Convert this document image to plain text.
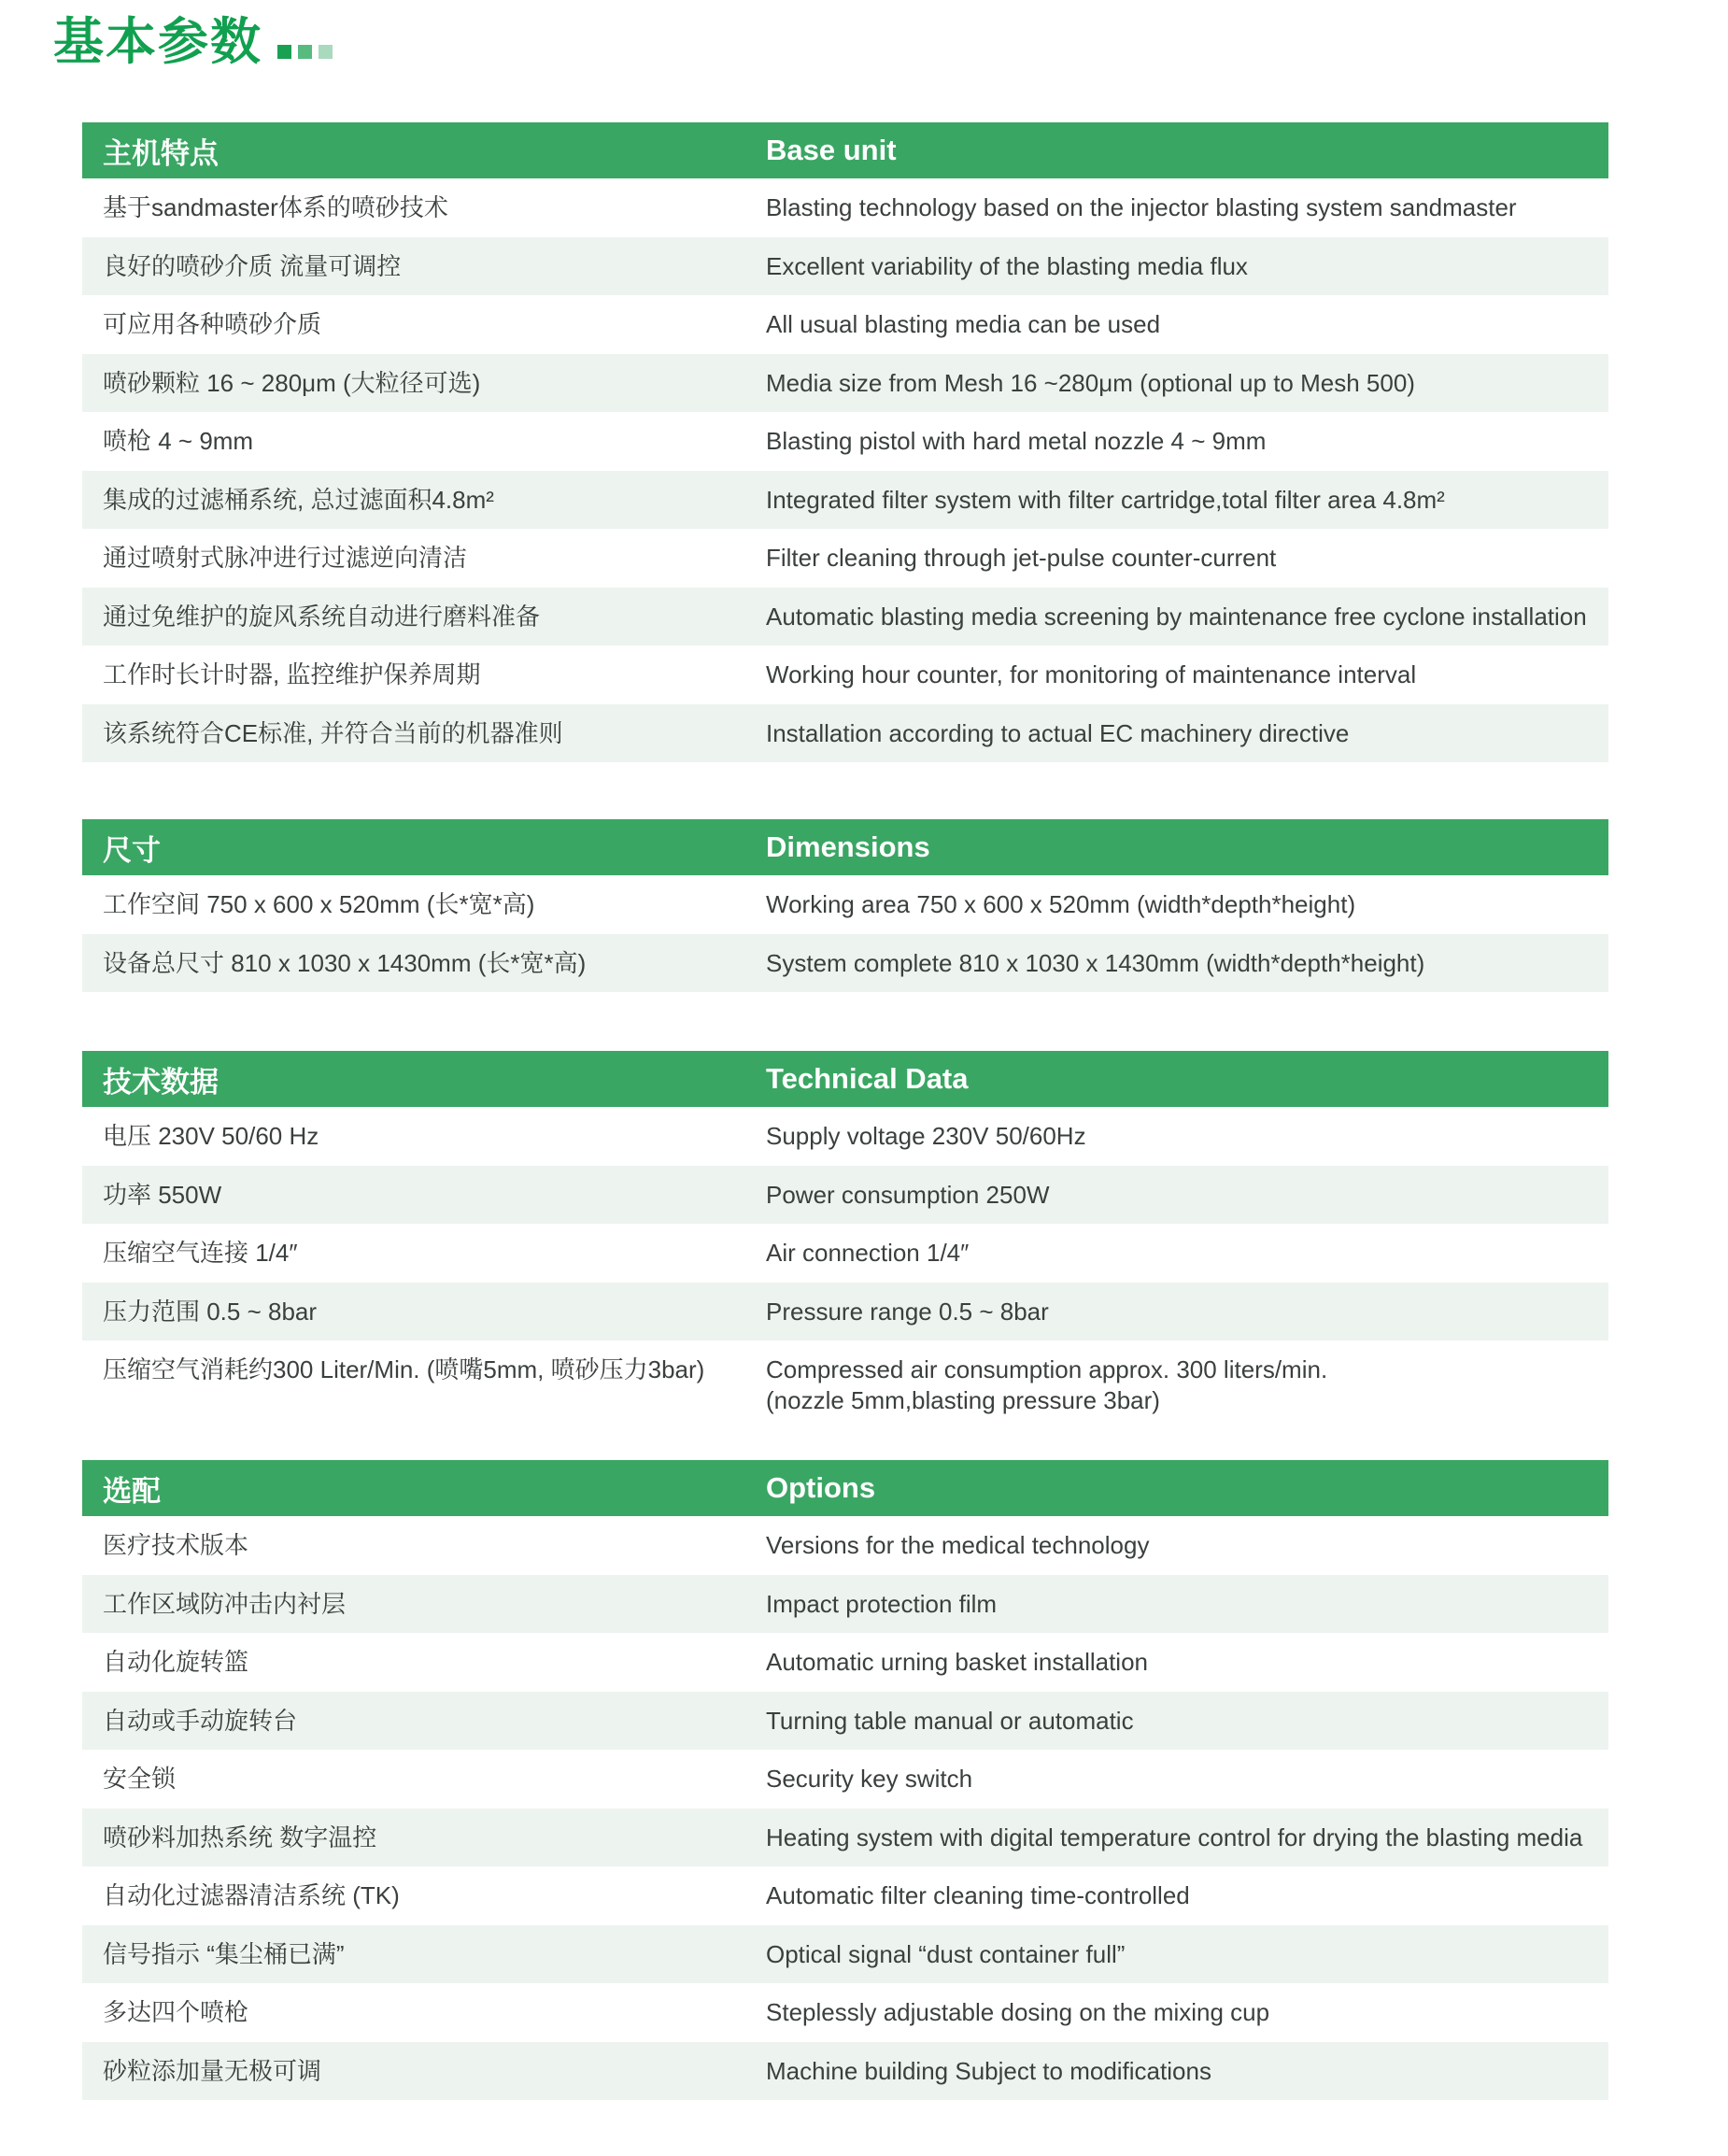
基本参数
主机特点	Base unit
基于sandmaster体系的喷砂技术	Blasting technology based on the injector blasting system sandmaster
良好的喷砂介质 流量可调控	Excellent variability of the blasting media flux
可应用各种喷砂介质	All usual blasting media can be used
喷砂颗粒 16 ~ 280μm (大粒径可选)	Media size from Mesh 16 ~280μm (optional up to Mesh 500)
喷枪 4 ~ 9mm	Blasting pistol with hard metal nozzle 4 ~ 9mm
集成的过滤桶系统, 总过滤面积4.8m²	Integrated filter system with filter cartridge,total filter area 4.8m²
通过喷射式脉冲进行过滤逆向清洁	Filter cleaning through jet-pulse counter-current
通过免维护的旋风系统自动进行磨料准备	Automatic blasting media screening by maintenance free cyclone installation
工作时长计时器, 监控维护保养周期	Working hour counter, for monitoring of maintenance interval
该系统符合CE标准, 并符合当前的机器准则	Installation according to actual EC machinery directive
尺寸	Dimensions
工作空间 750 x 600 x 520mm (长*宽*高)	Working area 750 x 600 x 520mm (width*depth*height)
设备总尺寸 810 x 1030 x 1430mm (长*宽*高)	System complete 810 x 1030 x 1430mm (width*depth*height)
技术数据	Technical Data
电压 230V 50/60 Hz	Supply voltage 230V 50/60Hz
功率 550W	Power consumption 250W
压缩空气连接 1/4″	Air connection 1/4″
压力范围 0.5 ~ 8bar	Pressure range 0.5 ~ 8bar
压缩空气消耗约300 Liter/Min. (喷嘴5mm, 喷砂压力3bar)	Compressed air consumption approx. 300 liters/min.
(nozzle 5mm,blasting pressure 3bar)
选配	Options
医疗技术版本	Versions for the medical technology
工作区域防冲击内衬层	Impact protection film
自动化旋转篮	Automatic urning basket installation
自动或手动旋转台	Turning table manual or automatic
安全锁	Security key switch
喷砂料加热系统 数字温控	Heating system with digital temperature control for drying the blasting media
自动化过滤器清洁系统 (TK)	Automatic filter cleaning time-controlled
信号指示 “集尘桶已满”	Optical signal “dust container full”
多达四个喷枪	Steplessly adjustable dosing on the mixing cup
砂粒添加量无极可调	Machine building Subject to modifications
